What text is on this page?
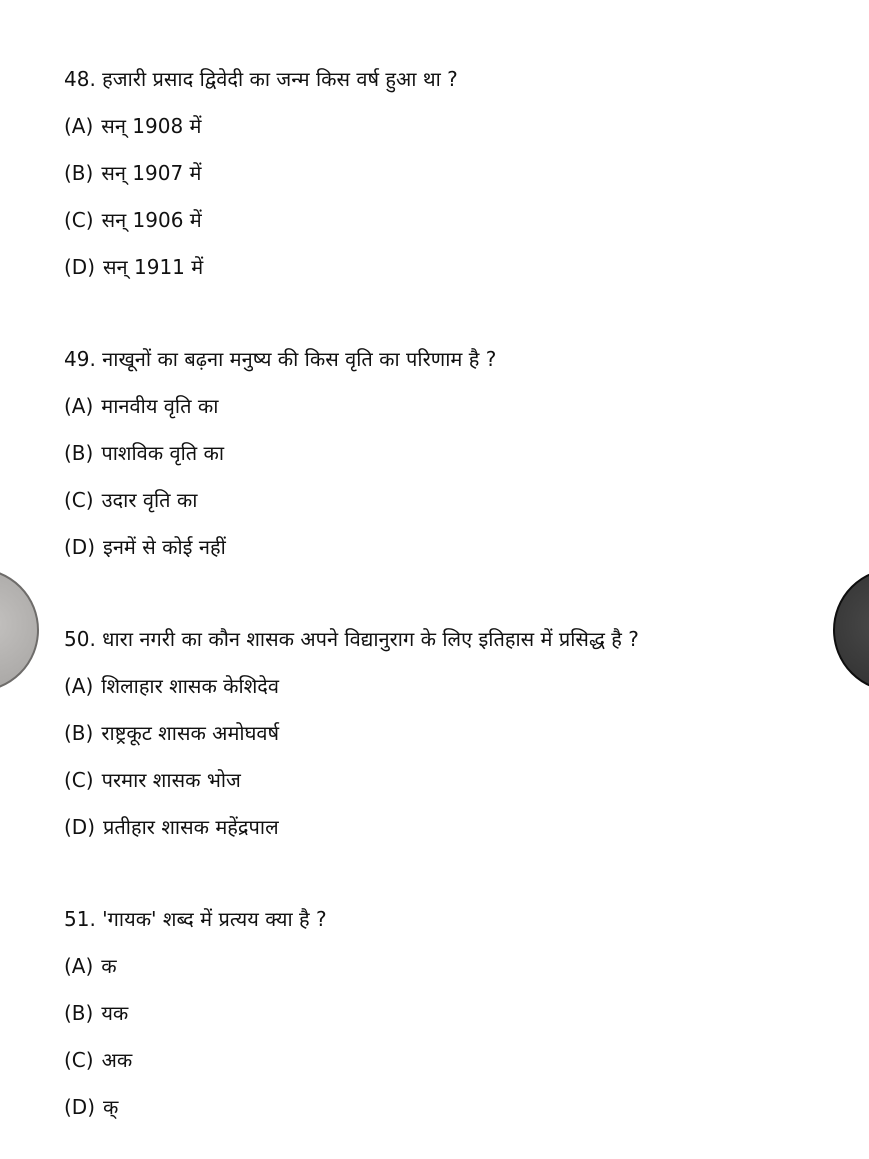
48. हजारी प्रसाद द्विवेदी का जन्म किस वर्ष हुआ था ?

(A) सन् 1908 में
(B) सन् 1907 में
(C) सन् 1906 में
(D) सन् 1911 में

49. नाखूनों का बढ़ना मनुष्य की किस वृति का परिणाम है ?

(A) मानवीय वृति का
(B) पाशविक वृति का
(C) उदार वृति का
(D) इनमें से कोई नहीं

50. धारा नगरी का कौन शासक अपने विद्यानुराग के लिए इतिहास में प्रसिद्ध है ?

(A) शिलाहार शासक केशिदेव
(B) राष्ट्रकूट शासक अमोघवर्ष
(C) परमार शासक भोज
(D) प्रतीहार शासक महेंद्रपाल

51. 'गायक' शब्द में प्रत्यय क्या है ?

(A) क
(B) यक
(C) अक
(D) क्
